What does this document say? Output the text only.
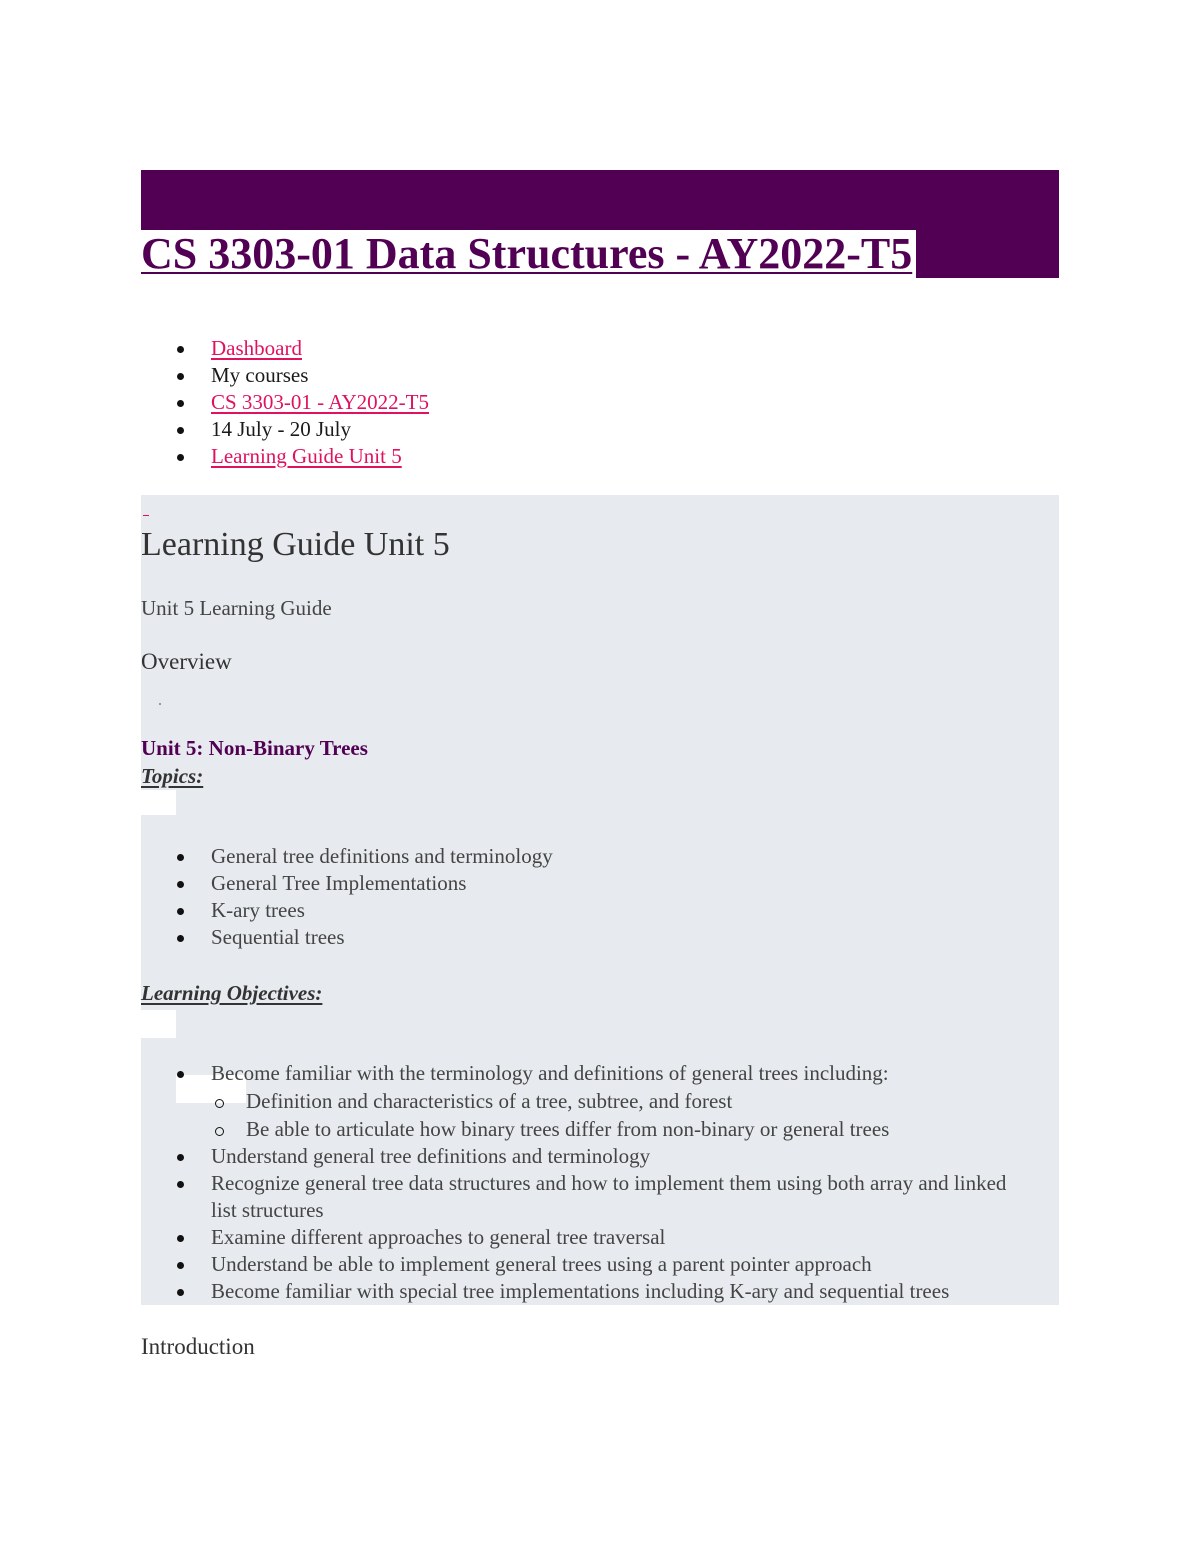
CS 3303-01 Data Structures - AY2022-T5
Dashboard
My courses
CS 3303-01 - AY2022-T5
14 July - 20 July
Learning Guide Unit 5
Learning Guide Unit 5
Unit 5 Learning Guide
Overview
Unit 5: Non-Binary Trees
Topics:
General tree definitions and terminology
General Tree Implementations
K-ary trees
Sequential trees
Learning Objectives:
Become familiar with the terminology and definitions of general trees including:
Definition and characteristics of a tree, subtree, and forest
Be able to articulate how binary trees differ from non-binary or general trees
Understand general tree definitions and terminology
Recognize general tree data structures and how to implement them using both array and linked list structures
Examine different approaches to general tree traversal
Understand be able to implement general trees using a parent pointer approach
Become familiar with special tree implementations including K-ary and sequential trees
Introduction
